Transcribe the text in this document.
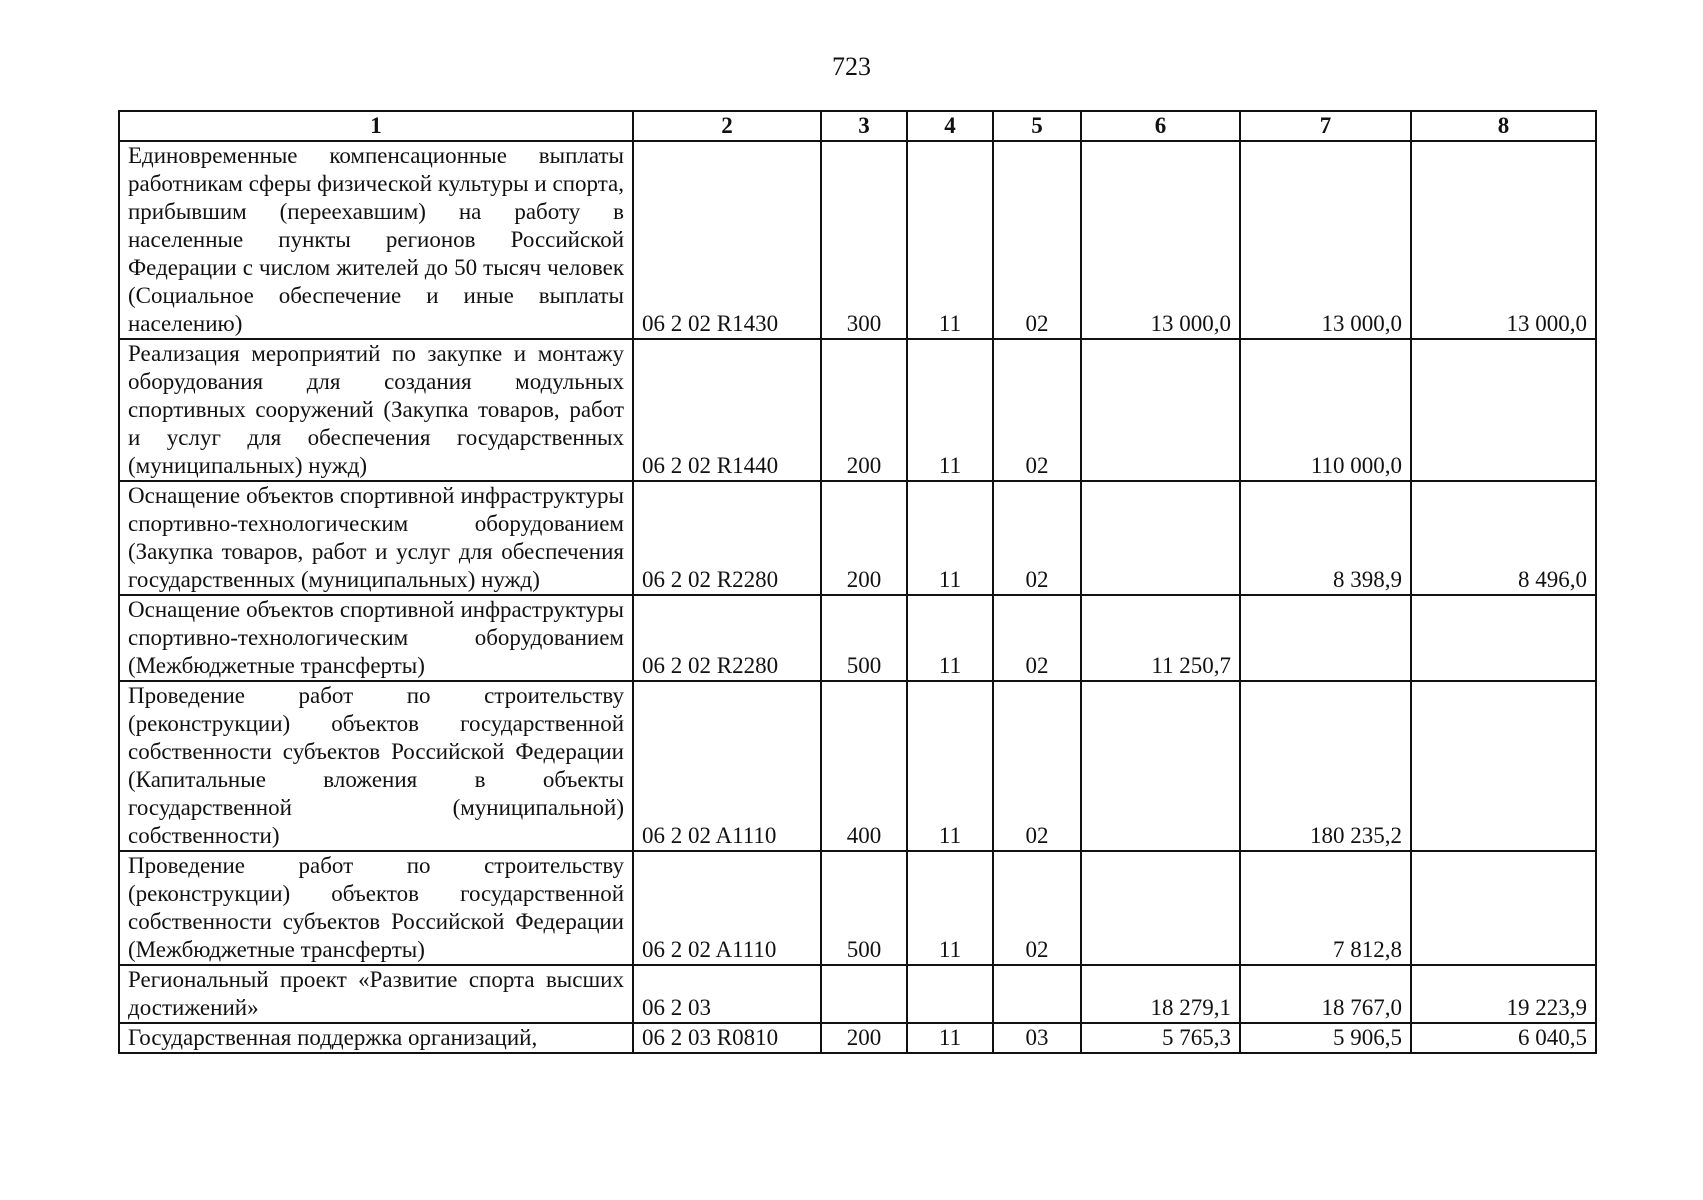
723
1	2	3	4	5	6	7	8
Единовременные компенсационные выплаты работникам сферы физической культуры и спорта, прибывшим (переехавшим) на работу в населенные пункты регионов Российской Федерации с числом жителей до 50 тысяч человек (Социальное обеспечение и иные выплаты населению)	06 2 02 R1430	300	11	02	13 000,0	13 000,0	13 000,0
Реализация мероприятий по закупке и монтажу оборудования для создания модульных спортивных сооружений (Закупка товаров, работ и услуг для обеспечения государственных (муниципальных) нужд)	06 2 02 R1440	200	11	02		110 000,0	
Оснащение объектов спортивной инфраструктуры спортивно-технологическим оборудованием (Закупка товаров, работ и услуг для обеспечения государственных (муниципальных) нужд)	06 2 02 R2280	200	11	02		8 398,9	8 496,0
Оснащение объектов спортивной инфраструктуры спортивно-технологическим оборудованием (Межбюджетные трансферты)	06 2 02 R2280	500	11	02	11 250,7		
Проведение работ по строительству (реконструкции) объектов государственной собственности субъектов Российской Федерации (Капитальные вложения в объекты государственной (муниципальной) собственности)	06 2 02 A1110	400	11	02		180 235,2	
Проведение работ по строительству (реконструкции) объектов государственной собственности субъектов Российской Федерации (Межбюджетные трансферты)	06 2 02 A1110	500	11	02		7 812,8	
Региональный проект «Развитие спорта высших достижений»	06 2 03				18 279,1	18 767,0	19 223,9
Государственная поддержка организаций,	06 2 03 R0810	200	11	03	5 765,3	5 906,5	6 040,5
